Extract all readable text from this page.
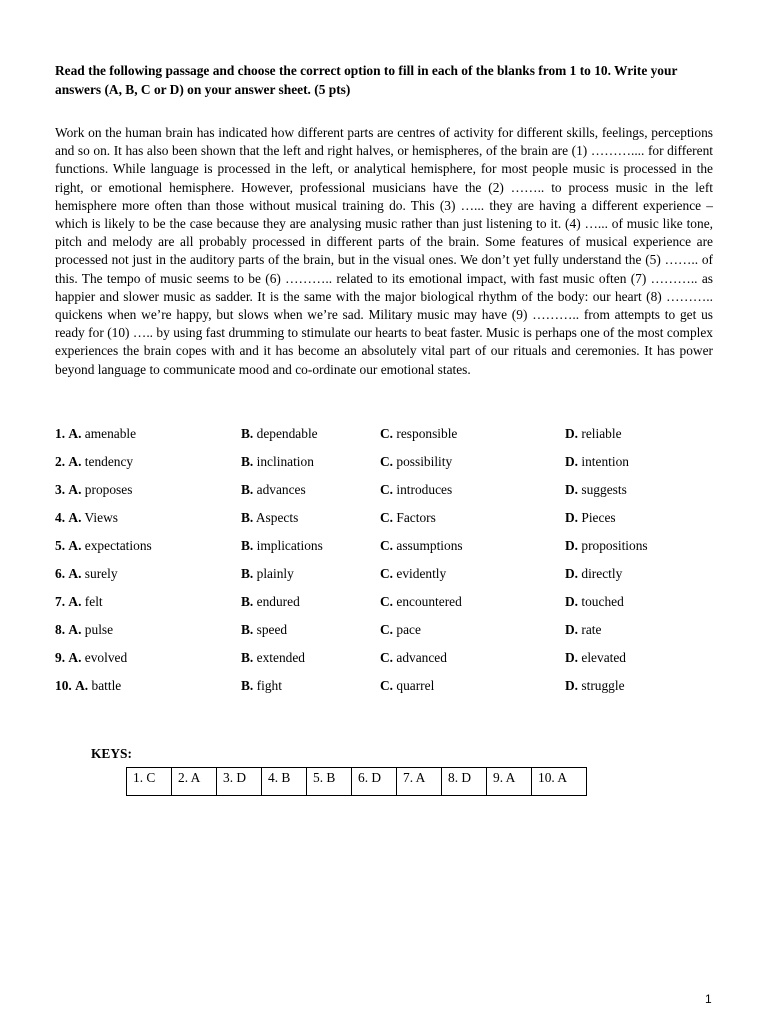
Read the following passage and choose the correct option to fill in each of the blanks from 1 to 10. Write your answers (A, B, C or D) on your answer sheet. (5 pts)

Work on the human brain has indicated how different parts are centres of activity for different skills, feelings, perceptions and so on. It has also been shown that the left and right halves, or hemispheres, of the brain are (1) ……….... for different functions. While language is processed in the left, or analytical hemisphere, for most people music is processed in the right, or emotional hemisphere. However, professional musicians have the (2) …….. to process music in the left hemisphere more often than those without musical training do. This (3) …... they are having a different experience – which is likely to be the case because they are analysing music rather than just listening to it. (4) …... of music like tone, pitch and melody are all probably processed in different parts of the brain. Some features of musical experience are processed not just in the auditory parts of the brain, but in the visual ones. We don’t yet fully understand the (5) …….. of this. The tempo of music seems to be (6) ……….. related to its emotional impact, with fast music often (7) ……….. as happier and slower music as sadder. It is the same with the major biological rhythm of the body: our heart (8) ……….. quickens when we’re happy, but slows when we’re sad. Military music may have (9) ……….. from attempts to get us ready for (10) ….. by using fast drumming to stimulate our hearts to beat faster. Music is perhaps one of the most complex experiences the brain copes with and it has become an absolutely vital part of our rituals and ceremonies. It has power beyond language to communicate mood and co-ordinate our emotional states.

1. A. amenable	B. dependable	C. responsible	D. reliable
2. A. tendency	B. inclination	C. possibility	D. intention
3. A. proposes	B. advances	C. introduces	D. suggests
4. A. Views	B. Aspects	C. Factors	D. Pieces
5. A. expectations	B. implications	C. assumptions	D. propositions
6. A. surely	B. plainly	C. evidently	D. directly
7. A. felt	B. endured	C. encountered	D. touched
8. A. pulse	B. speed	C. pace	D. rate
9. A. evolved	B. extended	C. advanced	D. elevated
10. A. battle	B. fight	C. quarrel	D. struggle
KEYS:
1. C	2. A	3. D	4. B	5. B	6. D	7. A	8. D	9. A	10. A
1
